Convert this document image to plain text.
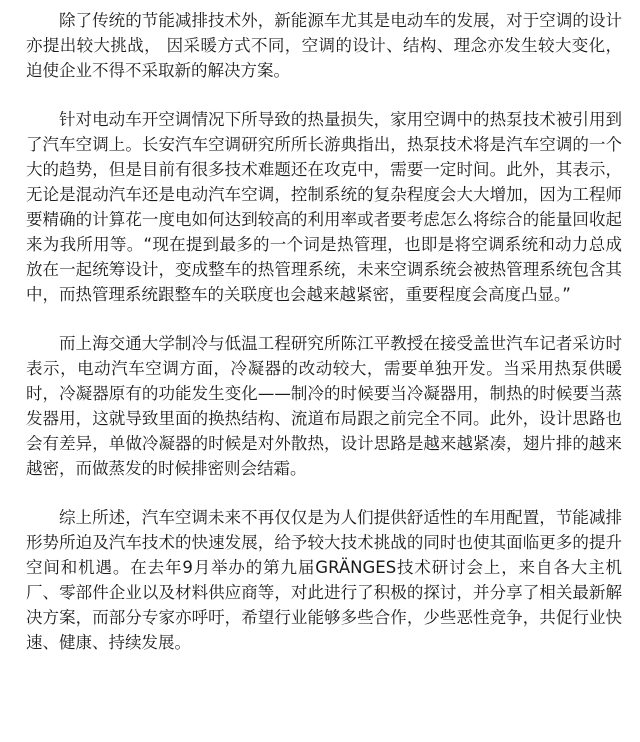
除了传统的节能减排技术外，新能源车尤其是电动车的发展，对于空调的设计亦提出较大挑战， 因采暖方式不同，空调的设计、结构、理念亦发生较大变化，迫使企业不得不采取新的解决方案。

针对电动车开空调情况下所导致的热量损失，家用空调中的热泵技术被引用到了汽车空调上。长安汽车空调研究所所长游典指出，热泵技术将是汽车空调的一个大的趋势，但是目前有很多技术难题还在攻克中，需要一定时间。此外，其表示，无论是混动汽车还是电动汽车空调，控制系统的复杂程度会大大增加，因为工程师要精确的计算花一度电如何达到较高的利用率或者要考虑怎么将综合的能量回收起来为我所用等。“现在提到最多的一个词是热管理，也即是将空调系统和动力总成放在一起统筹设计，变成整车的热管理系统，未来空调系统会被热管理系统包含其中，而热管理系统跟整车的关联度也会越来越紧密，重要程度会高度凸显。”

而上海交通大学制冷与低温工程研究所陈江平教授在接受盖世汽车记者采访时表示，电动汽车空调方面，冷凝器的改动较大，需要单独开发。当采用热泵供暖时，冷凝器原有的功能发生变化——制冷的时候要当冷凝器用，制热的时候要当蒸发器用，这就导致里面的换热结构、流道布局跟之前完全不同。此外，设计思路也会有差异，单做冷凝器的时候是对外散热，设计思路是越来越紧凑，翅片排的越来越密，而做蒸发的时候排密则会结霜。

综上所述，汽车空调未来不再仅仅是为人们提供舒适性的车用配置，节能减排形势所迫及汽车技术的快速发展，给予较大技术挑战的同时也使其面临更多的提升空间和机遇。在去年9月举办的第九届GRÄNGES技术研讨会上，来自各大主机厂、零部件企业以及材料供应商等，对此进行了积极的探讨，并分享了相关最新解决方案，而部分专家亦呼吁，希望行业能够多些合作，少些恶性竞争，共促行业快速、健康、持续发展。
